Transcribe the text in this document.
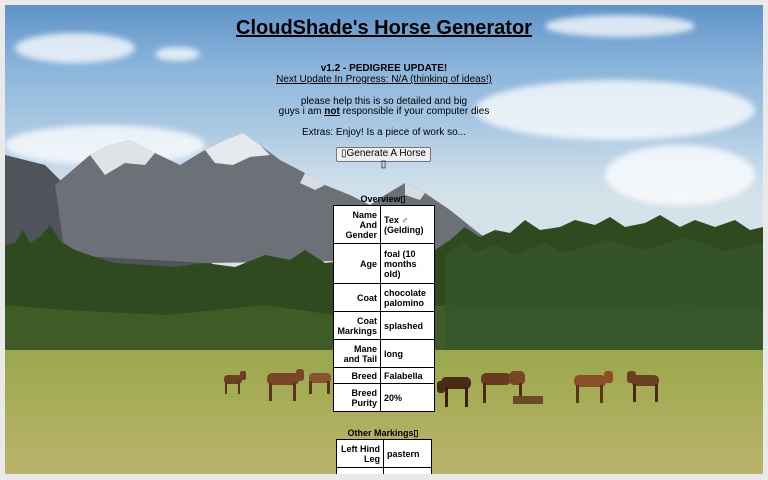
CloudShade's Horse Generator
v1.2 - PEDIGREE UPDATE!
Next Update In Progress: N/A (thinking of ideas!)
please help this is so detailed and big
guys i am not responsible if your computer dies
Extras: Enjoy! Is a piece of work so...
▯Generate A Horse ▯
Overview▯
Name And Gender	Tex ♂ (Gelding)
Age	foal (10 months old)
Coat	chocolate palomino
Coat Markings	splashed
Mane and Tail	long
Breed	Falabella
Breed Purity	20%
Other Markings▯
Left Hind Leg	pastern
